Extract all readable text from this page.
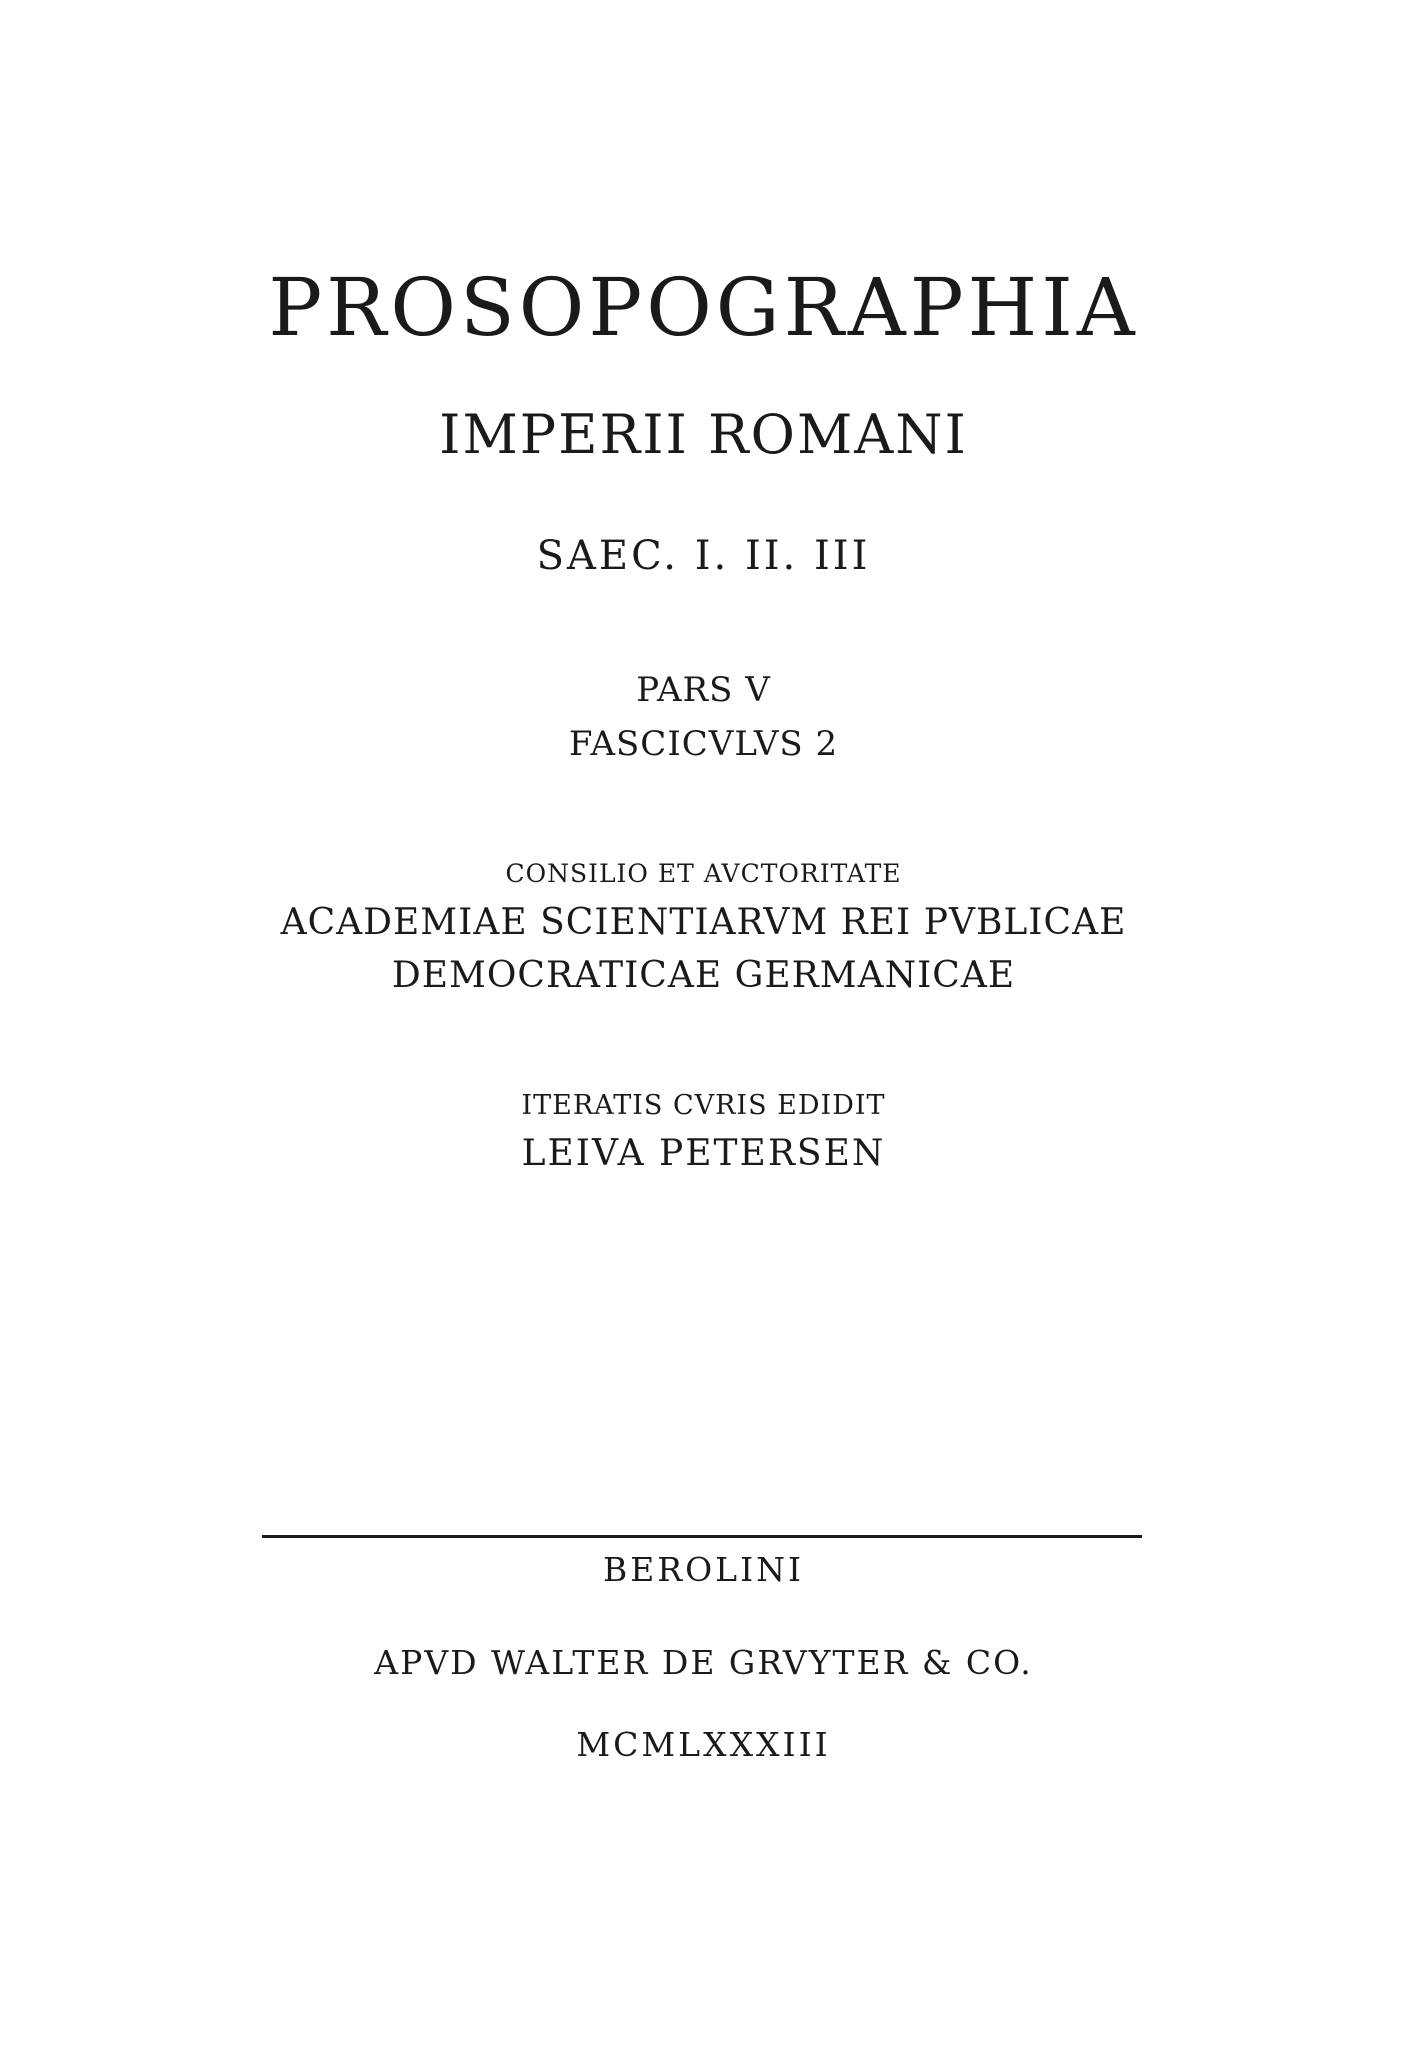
PROSOPOGRAPHIA
IMPERII ROMANI
SAEC. I. II. III
PARS V
FASCICVLVS 2
CONSILIO ET AVCTORITATE
ACADEMIAE SCIENTIARVM REI PVBLICAE
DEMOCRATICAE GERMANICAE
ITERATIS CVRIS EDIDIT
LEIVA PETERSEN
BEROLINI
APVD WALTER DE GRVYTER & CO.
MCMLXXXIII
